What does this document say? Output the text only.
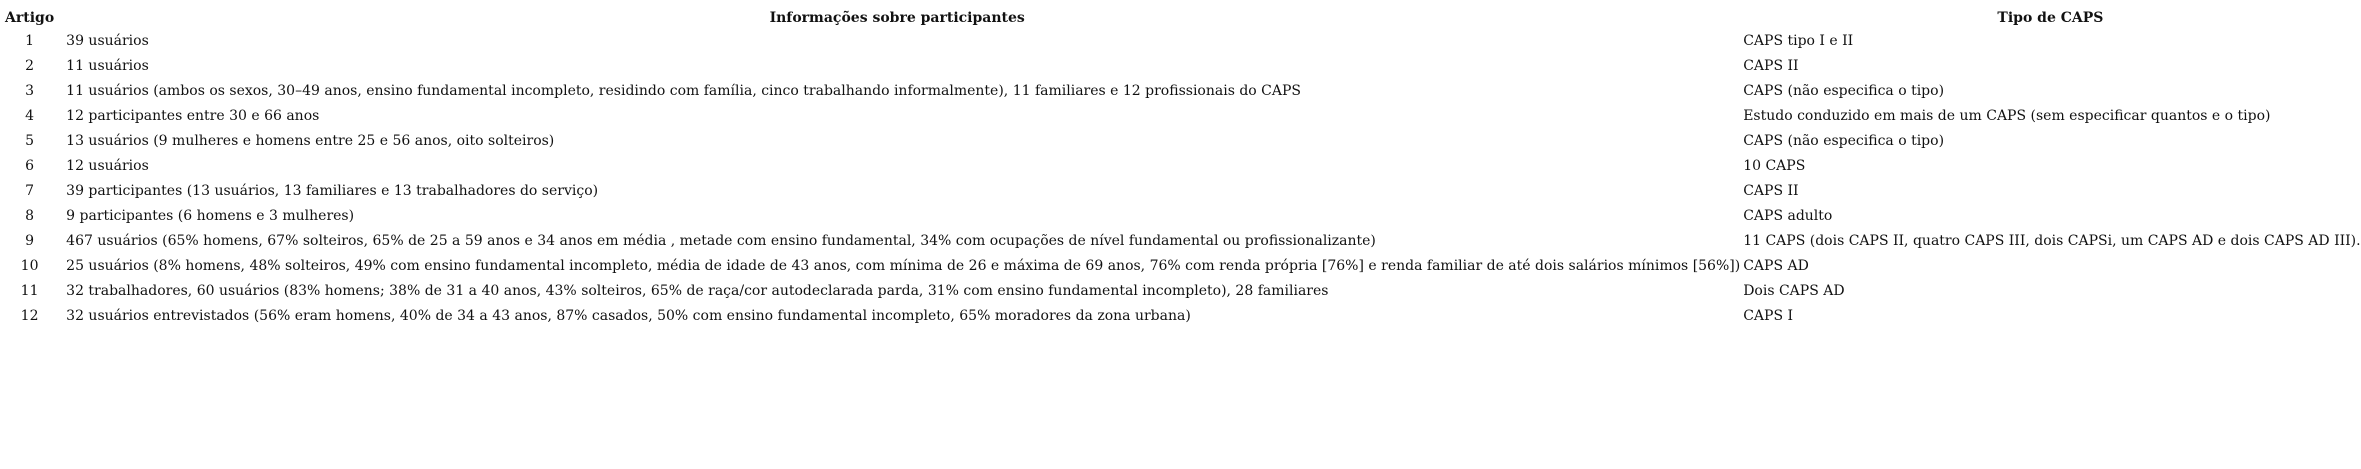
Artigo	Informações sobre participantes	Tipo de CAPS
1	39 usuários	CAPS tipo I e II
2	11 usuários	CAPS II
3	11 usuários (ambos os sexos, 30–49 anos, ensino fundamental incompleto, residindo com família, cinco trabalhando informalmente), 11 familiares e 12 profissionais do CAPS	CAPS (não especifica o tipo)
4	12 participantes entre 30 e 66 anos	Estudo conduzido em mais de um CAPS (sem especificar quantos e o tipo)
5	13 usuários (9 mulheres e homens entre 25 e 56 anos, oito solteiros)	CAPS (não especifica o tipo)
6	12 usuários	10 CAPS
7	39 participantes (13 usuários, 13 familiares e 13 trabalhadores do serviço)	CAPS II
8	9 participantes (6 homens e 3 mulheres)	CAPS adulto
9	467 usuários (65% homens, 67% solteiros, 65% de 25 a 59 anos e 34 anos em média , metade com ensino fundamental, 34% com ocupações de nível fundamental ou profissionalizante)	11 CAPS (dois CAPS II, quatro CAPS III, dois CAPSi, um CAPS AD e dois CAPS AD III).
10	25 usuários (8% homens, 48% solteiros, 49% com ensino fundamental incompleto, média de idade de 43 anos, com mínima de 26 e máxima de 69 anos, 76% com renda própria [76%] e renda familiar de até dois salários mínimos [56%])	CAPS AD
11	32 trabalhadores, 60 usuários (83% homens; 38% de 31 a 40 anos, 43% solteiros, 65% de raça/cor autodeclarada parda, 31% com ensino fundamental incompleto), 28 familiares	Dois CAPS AD
12	32 usuários entrevistados (56% eram homens, 40% de 34 a 43 anos, 87% casados, 50% com ensino fundamental incompleto, 65% moradores da zona urbana)	CAPS I
